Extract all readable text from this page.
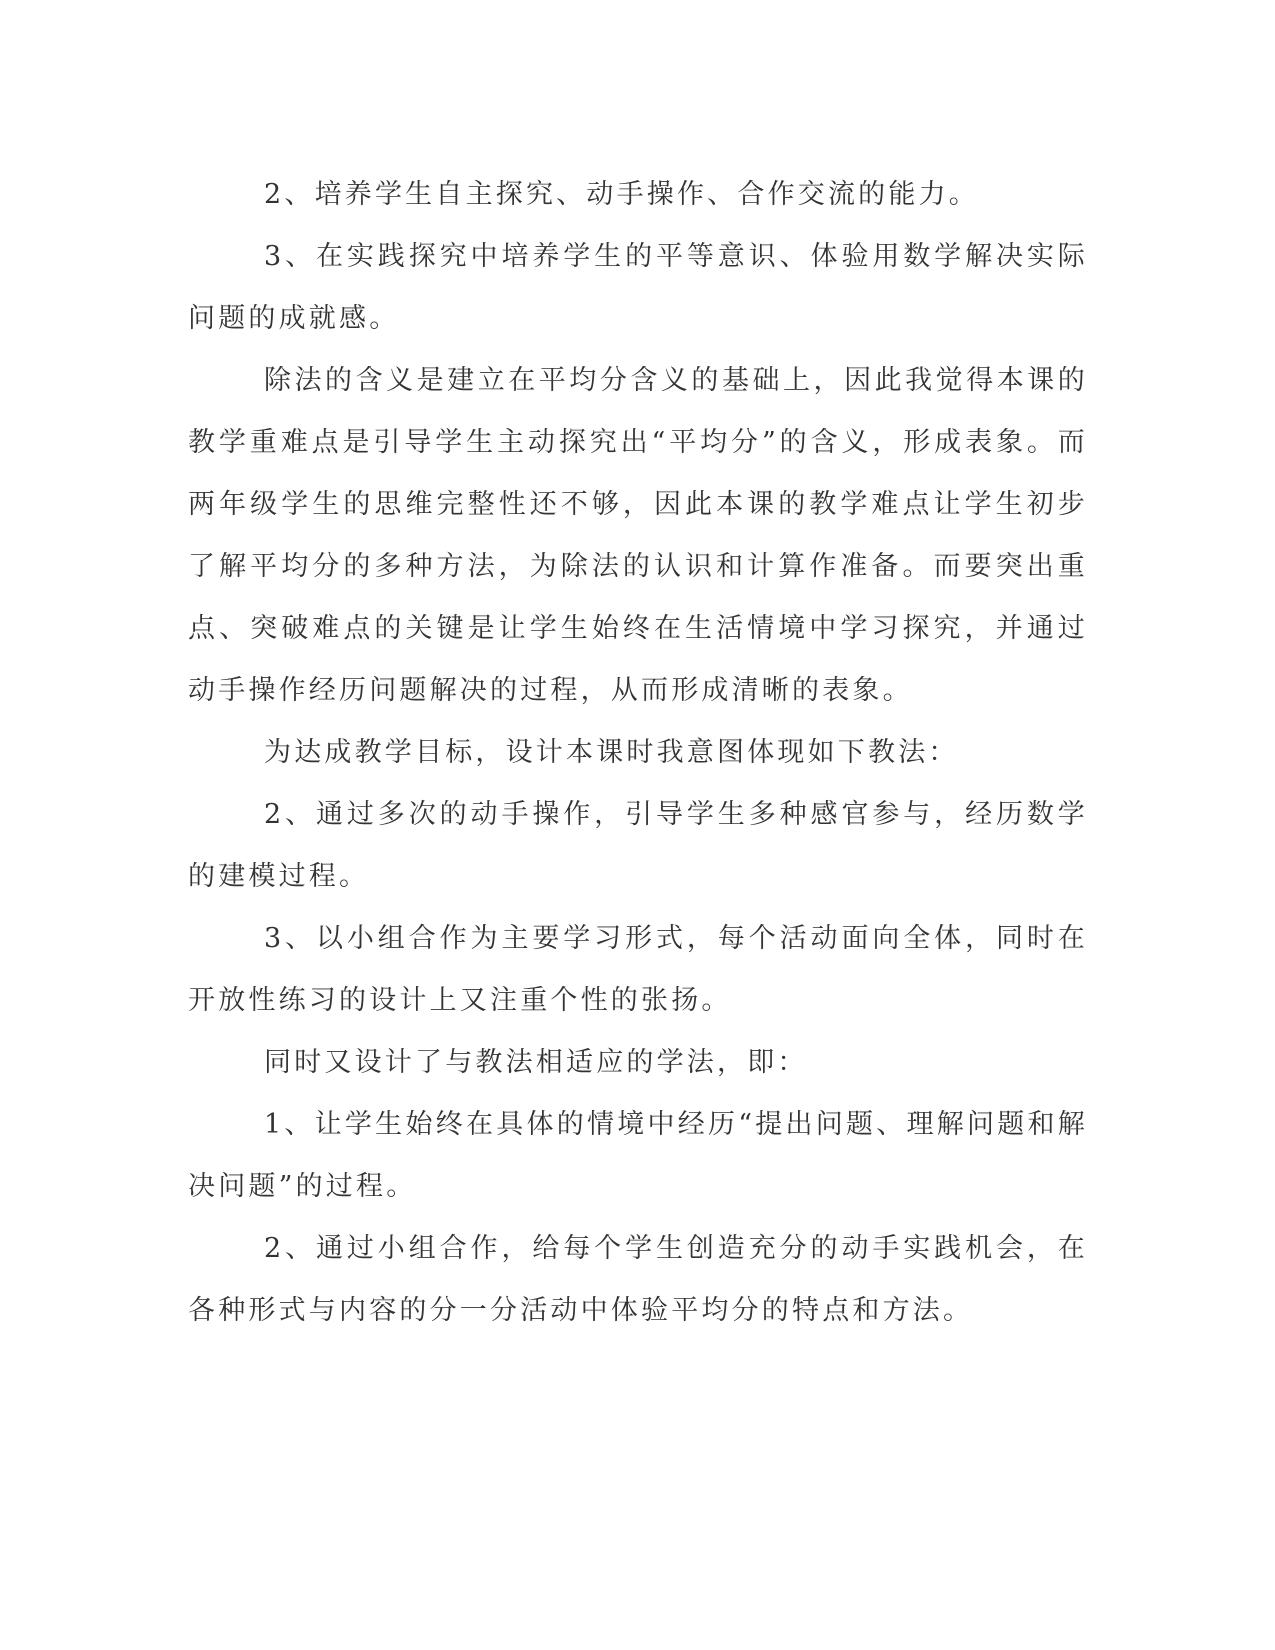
2、培养学生自主探究、动手操作、合作交流的能力。

3、在实践探究中培养学生的平等意识、体验用数学解决实际问题的成就感。

除法的含义是建立在平均分含义的基础上，因此我觉得本课的教学重难点是引导学生主动探究出“平均分”的含义，形成表象。而两年级学生的思维完整性还不够，因此本课的教学难点让学生初步了解平均分的多种方法，为除法的认识和计算作准备。而要突出重点、突破难点的关键是让学生始终在生活情境中学习探究，并通过动手操作经历问题解决的过程，从而形成清晰的表象。

为达成教学目标，设计本课时我意图体现如下教法：

2、通过多次的动手操作，引导学生多种感官参与，经历数学的建模过程。

3、以小组合作为主要学习形式，每个活动面向全体，同时在开放性练习的设计上又注重个性的张扬。

同时又设计了与教法相适应的学法，即：

1、让学生始终在具体的情境中经历“提出问题、理解问题和解决问题”的过程。

2、通过小组合作，给每个学生创造充分的动手实践机会，在各种形式与内容的分一分活动中体验平均分的特点和方法。
